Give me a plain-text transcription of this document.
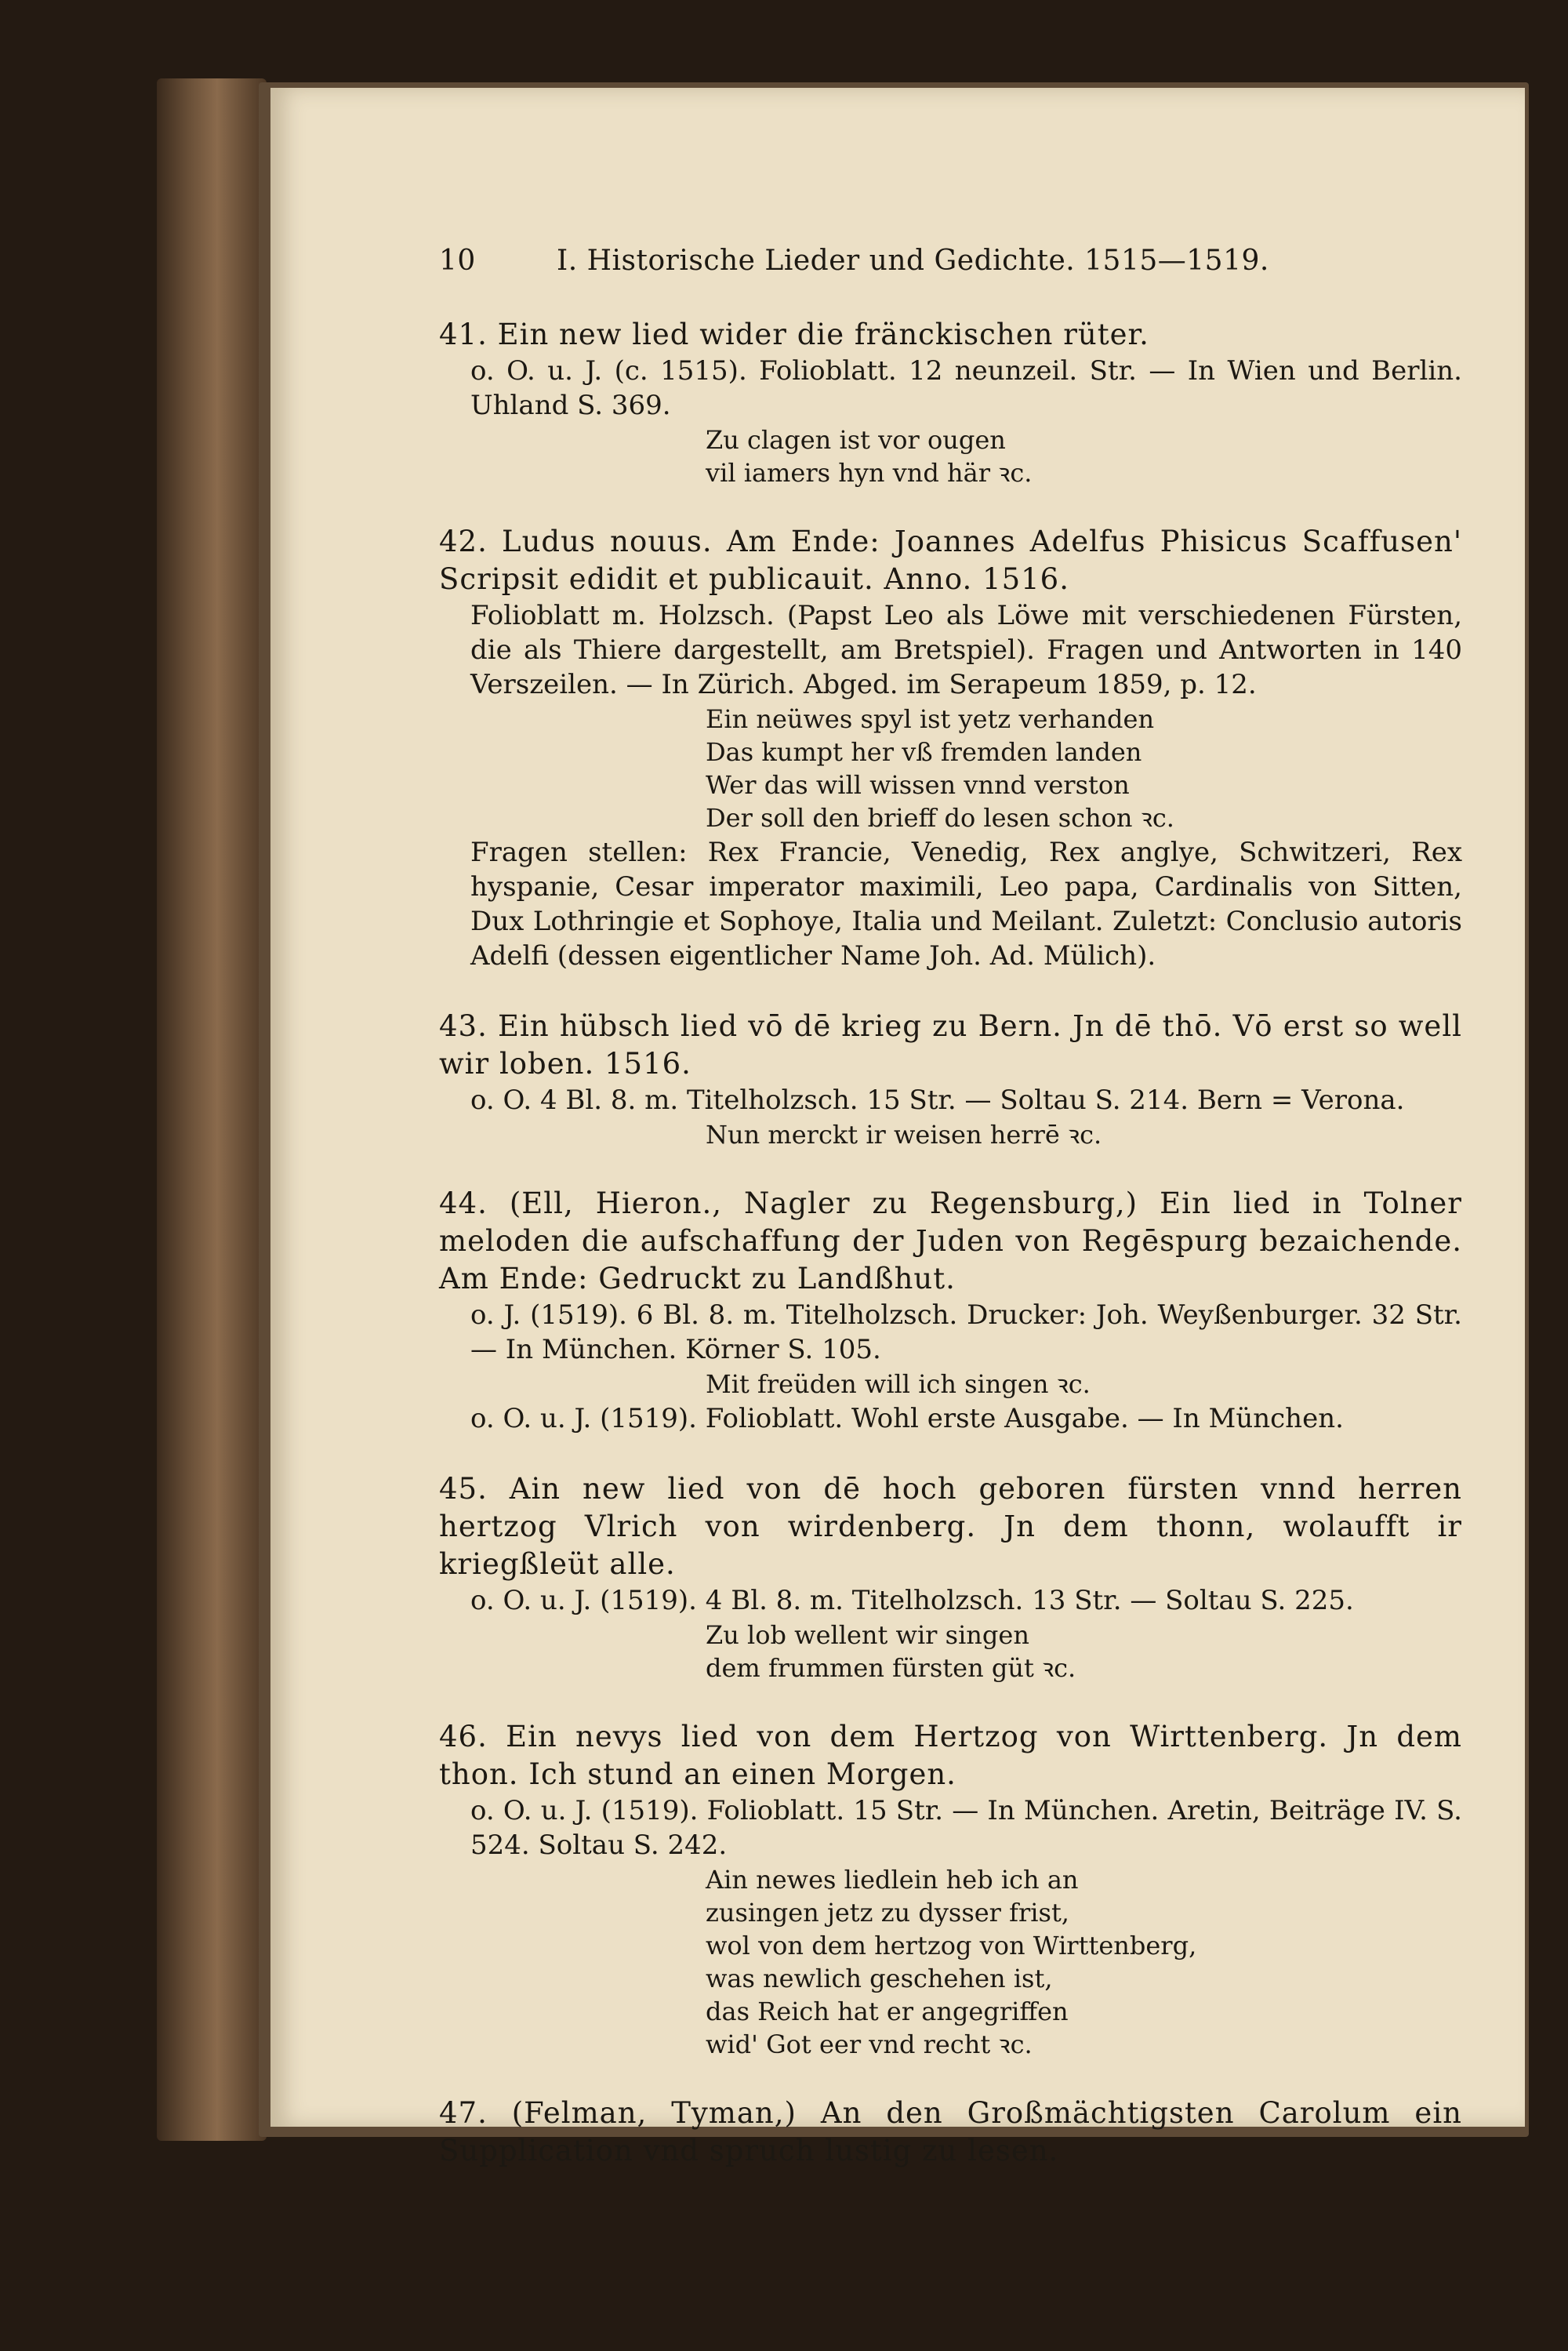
10	I. Historische Lieder und Gedichte. 1515—1519.

41. Ein new lied wider die fränckischen rüter.

o. O. u. J. (c. 1515). Folioblatt. 12 neunzeil. Str. — In Wien und Berlin. Uhland S. 369.

Zu clagen ist vor ougen

vil iamers hyn vnd här ꝛc.

42. Ludus nouus. Am Ende: Joannes Adelfus Phisicus Scaffusen' Scripsit edidit et publicauit. Anno. 1516.

Folioblatt m. Holzsch. (Papst Leo als Löwe mit verschiedenen Fürsten, die als Thiere dargestellt, am Bretspiel). Fragen und Antworten in 140 Verszeilen. — In Zürich. Abged. im Serapeum 1859, p. 12.

Ein neüwes spyl ist yetz verhanden

Das kumpt her vß fremden landen

Wer das will wissen vnnd verston

Der soll den brieff do lesen schon ꝛc.

Fragen stellen: Rex Francie, Venedig, Rex anglye, Schwitzeri, Rex hyspanie, Cesar imperator maximili, Leo papa, Cardinalis von Sitten, Dux Lothringie et Sophoye, Italia und Meilant. Zuletzt: Conclusio autoris Adelfi (dessen eigentlicher Name Joh. Ad. Mülich).

43. Ein hübsch lied vō dē krieg zu Bern. Jn dē thō. Vō erst so well wir loben. 1516.

o. O. 4 Bl. 8. m. Titelholzsch. 15 Str. — Soltau S. 214. Bern = Verona.

Nun merckt ir weisen herrē ꝛc.

44. (Ell, Hieron., Nagler zu Regensburg,) Ein lied in Tolner meloden die aufschaffung der Juden von Regēspurg bezaichende. Am Ende: Gedruckt zu Landßhut.

o. J. (1519). 6 Bl. 8. m. Titelholzsch. Drucker: Joh. Weyßenburger. 32 Str. — In München. Körner S. 105.

Mit freüden will ich singen ꝛc.

o. O. u. J. (1519). Folioblatt. Wohl erste Ausgabe. — In München.

45. Ain new lied von dē hoch geboren fürsten vnnd herren hertzog Vlrich von wirdenberg. Jn dem thonn, wolaufft ir kriegßleüt alle.

o. O. u. J. (1519). 4 Bl. 8. m. Titelholzsch. 13 Str. — Soltau S. 225.

Zu lob wellent wir singen

dem frummen fürsten güt ꝛc.

46. Ein nevys lied von dem Hertzog von Wirttenberg. Jn dem thon. Ich stund an einen Morgen.

o. O. u. J. (1519). Folioblatt. 15 Str. — In München. Aretin, Beiträge IV. S. 524. Soltau S. 242.

Ain newes liedlein heb ich an

zusingen jetz zu dysser frist,

wol von dem hertzog von Wirttenberg,

was newlich geschehen ist,

das Reich hat er angegriffen

wid' Got eer vnd recht ꝛc.

47. (Felman, Tyman,) An den Großmächtigsten Carolum ein Supplication vnd spruch lustig zu lesen.
